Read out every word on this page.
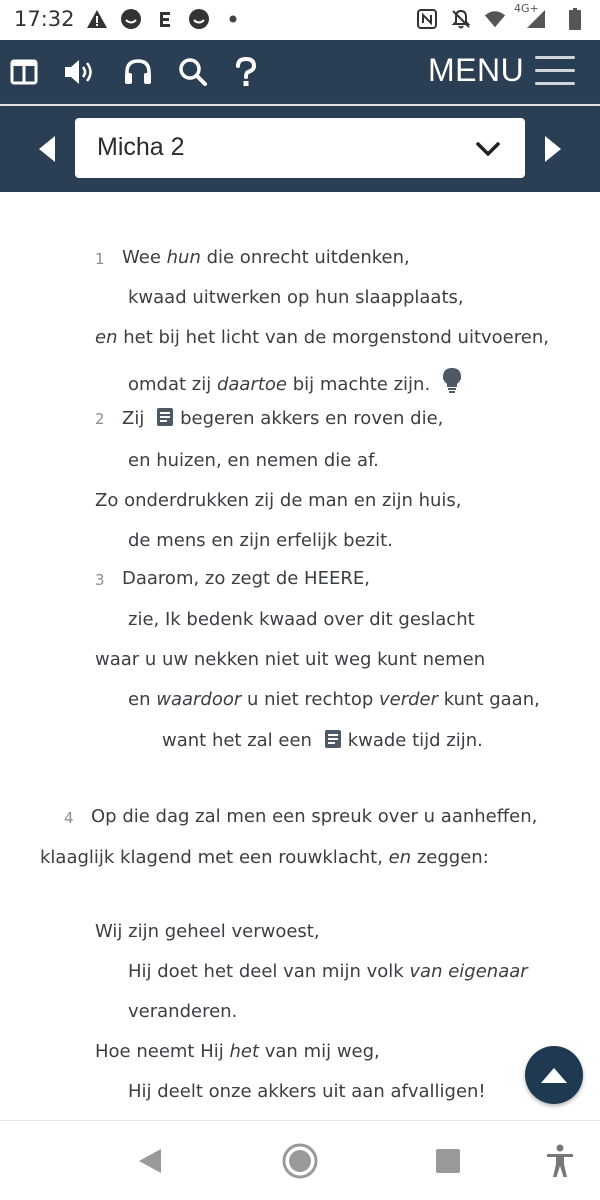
17:32	4G+
MENU
Micha 2
1 Wee hun die onrecht uitdenken,
kwaad uitwerken op hun slaapplaats,
en het bij het licht van de morgenstond uitvoeren,
omdat zij daartoe bij machte zijn.
2 Zij begeren akkers en roven die,
en huizen, en nemen die af.
Zo onderdrukken zij de man en zijn huis,
de mens en zijn erfelijk bezit.
3 Daarom, zo zegt de HEERE,
zie, Ik bedenk kwaad over dit geslacht
waar u uw nekken niet uit weg kunt nemen
en waardoor u niet rechtop verder kunt gaan,
want het zal een kwade tijd zijn.
4 Op die dag zal men een spreuk over u aanheffen,
klaaglijk klagend met een rouwklacht, en zeggen:
Wij zijn geheel verwoest,
Hij doet het deel van mijn volk van eigenaar
veranderen.
Hoe neemt Hij het van mij weg,
Hij deelt onze akkers uit aan afvalligen!
